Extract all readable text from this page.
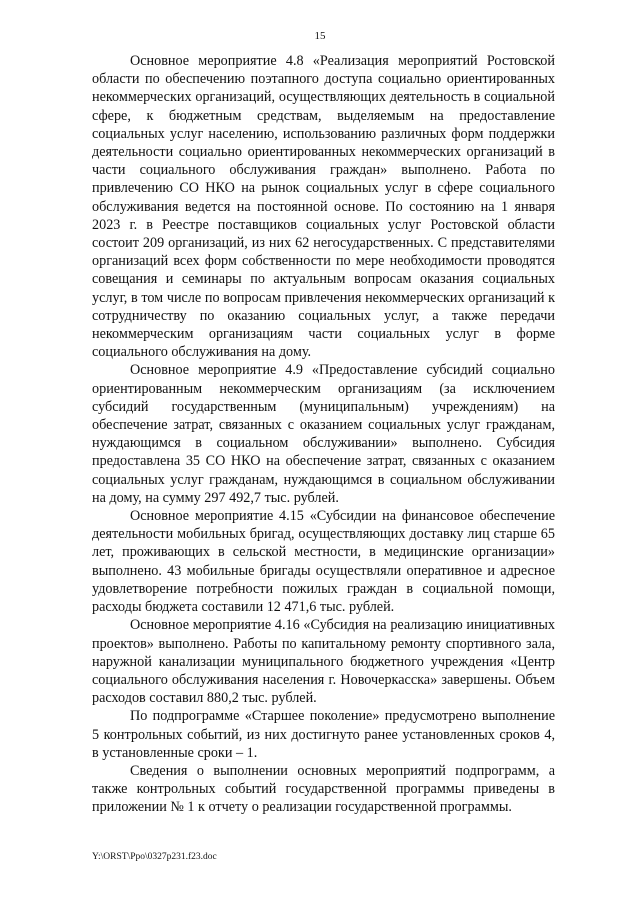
15

Основное мероприятие 4.8 «Реализация мероприятий Ростовской области по обеспечению поэтапного доступа социально ориентированных некоммерческих организаций, осуществляющих деятельность в социальной сфере, к бюджетным средствам, выделяемым на предоставление социальных услуг населению, использованию различных форм поддержки деятельности социально ориентированных некоммерческих организаций в части социального обслуживания граждан» выполнено. Работа по привлечению СО НКО на рынок социальных услуг в сфере социального обслуживания ведется на постоянной основе. По состоянию на 1 января 2023 г. в Реестре поставщиков социальных услуг Ростовской области состоит 209 организаций, из них 62 негосударственных. С представителями организаций всех форм собственности по мере необходимости проводятся совещания и семинары по актуальным вопросам оказания социальных услуг, в том числе по вопросам привлечения некоммерческих организаций к сотрудничеству по оказанию социальных услуг, а также передачи некоммерческим организациям части социальных услуг в форме социального обслуживания на дому.

Основное мероприятие 4.9 «Предоставление субсидий социально ориентированным некоммерческим организациям (за исключением субсидий государственным (муниципальным) учреждениям) на обеспечение затрат, связанных с оказанием социальных услуг гражданам, нуждающимся в социальном обслуживании» выполнено. Субсидия предоставлена 35 СО НКО на обеспечение затрат, связанных с оказанием социальных услуг гражданам, нуждающимся в социальном обслуживании на дому, на сумму 297 492,7 тыс. рублей.

Основное мероприятие 4.15 «Субсидии на финансовое обеспечение деятельности мобильных бригад, осуществляющих доставку лиц старше 65 лет, проживающих в сельской местности, в медицинские организации» выполнено. 43 мобильные бригады осуществляли оперативное и адресное удовлетворение потребности пожилых граждан в социальной помощи, расходы бюджета составили 12 471,6 тыс. рублей.

Основное мероприятие 4.16 «Субсидия на реализацию инициативных проектов» выполнено. Работы по капитальному ремонту спортивного зала, наружной канализации муниципального бюджетного учреждения «Центр социального обслуживания населения г. Новочеркасска» завершены. Объем расходов составил 880,2 тыс. рублей.

По подпрограмме «Старшее поколение» предусмотрено выполнение 5 контрольных событий, из них достигнуто ранее установленных сроков 4, в установленные сроки – 1.

Сведения о выполнении основных мероприятий подпрограмм, а также контрольных событий государственной программы приведены в приложении № 1 к отчету о реализации государственной программы.

Y:\ORST\Ppo\0327p231.f23.doc
